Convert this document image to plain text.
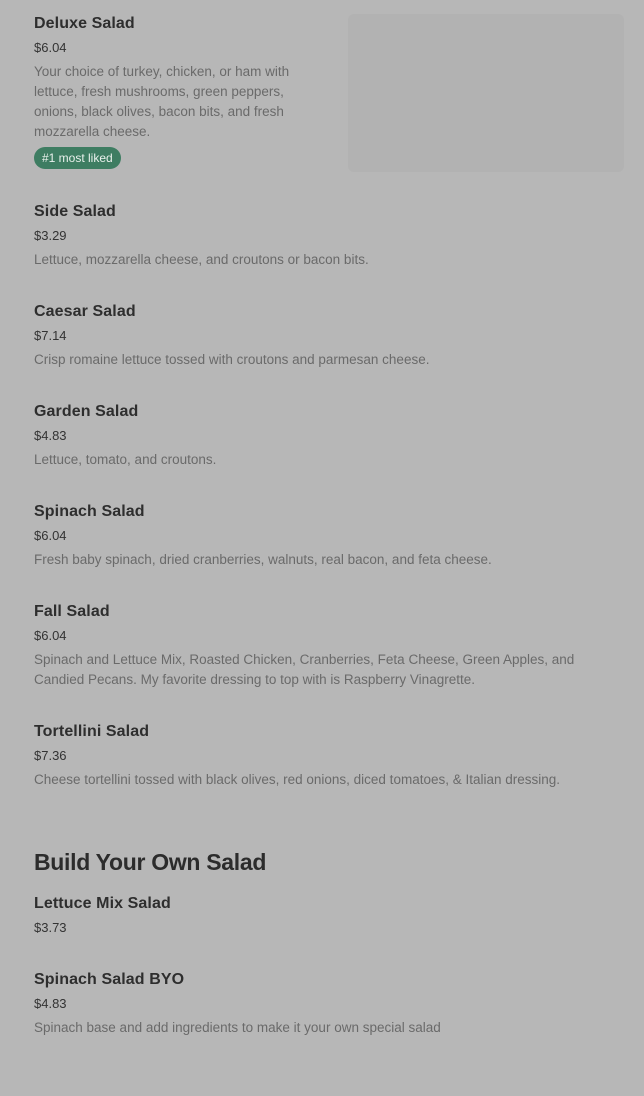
Deluxe Salad
$6.04
Your choice of turkey, chicken, or ham with lettuce, fresh mushrooms, green peppers, onions, black olives, bacon bits, and fresh mozzarella cheese.
#1 most liked
Side Salad
$3.29
Lettuce, mozzarella cheese, and croutons or bacon bits.
Caesar Salad
$7.14
Crisp romaine lettuce tossed with croutons and parmesan cheese.
Garden Salad
$4.83
Lettuce, tomato, and croutons.
Spinach Salad
$6.04
Fresh baby spinach, dried cranberries, walnuts, real bacon, and feta cheese.
Fall Salad
$6.04
Spinach and Lettuce Mix, Roasted Chicken, Cranberries, Feta Cheese, Green Apples, and Candied Pecans. My favorite dressing to top with is Raspberry Vinagrette.
Tortellini Salad
$7.36
Cheese tortellini tossed with black olives, red onions, diced tomatoes, & Italian dressing.
Build Your Own Salad
Lettuce Mix Salad
$3.73
Spinach Salad BYO
$4.83
Spinach base and add ingredients to make it your own special salad
